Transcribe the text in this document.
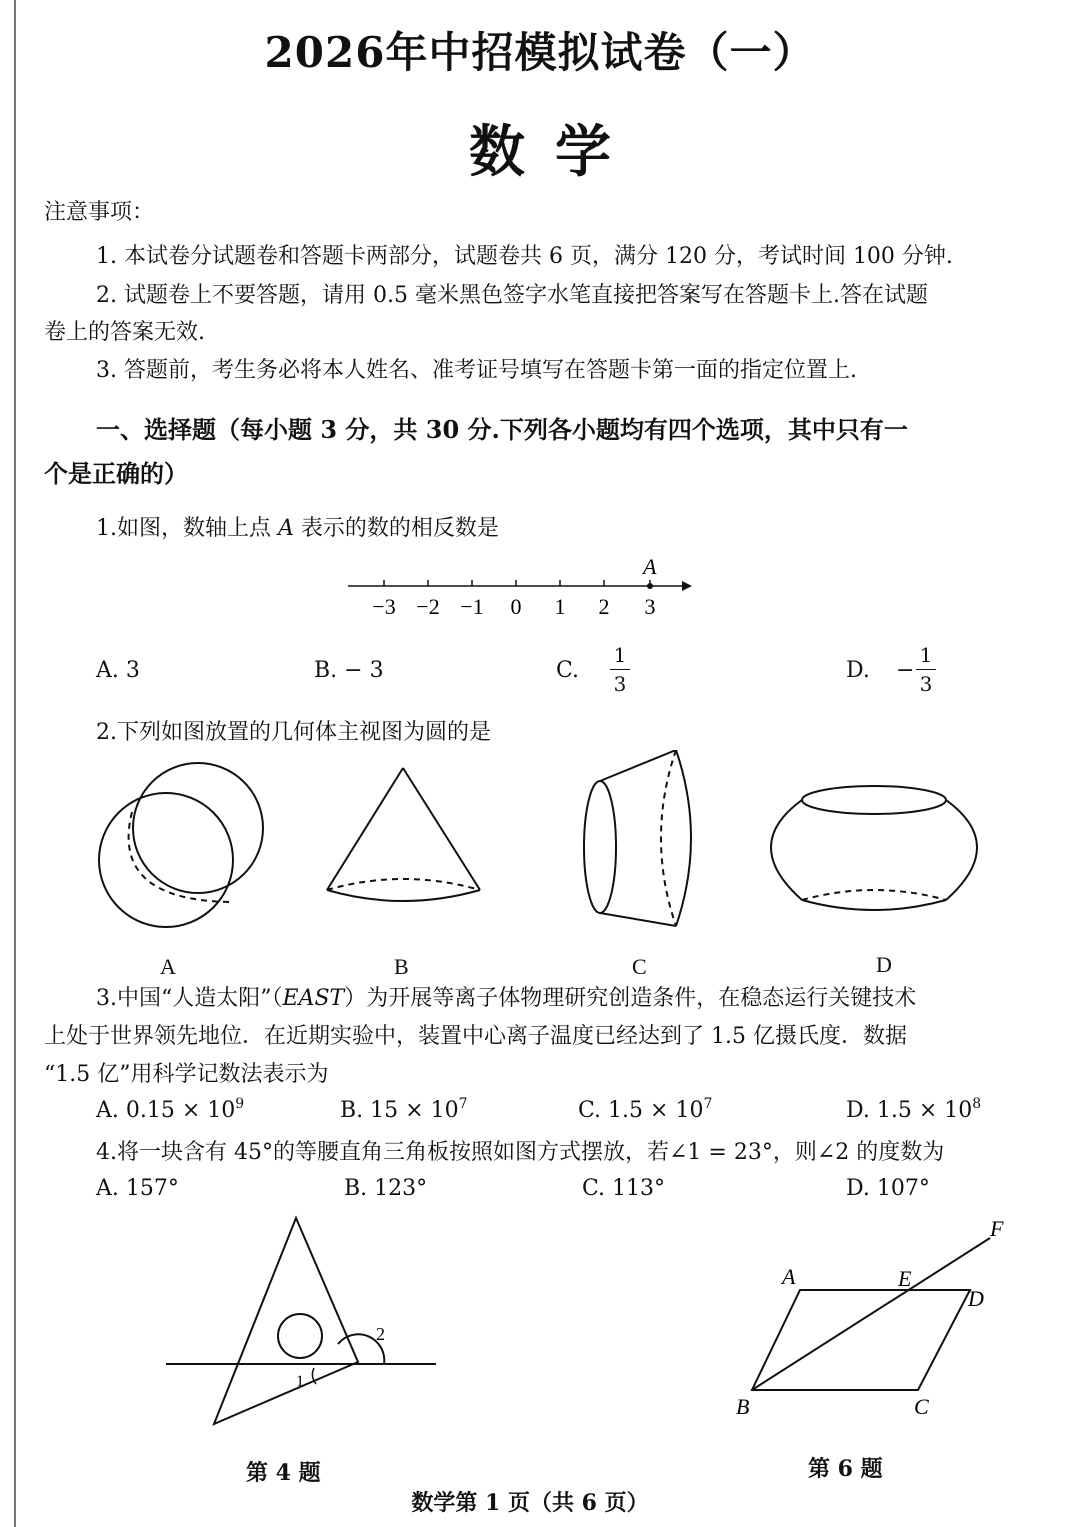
2026年中招模拟试卷（一）
数学
注意事项：
1. 本试卷分试题卷和答题卡两部分，试题卷共 6 页，满分 120 分，考试时间 100 分钟.
2. 试题卷上不要答题，请用 0.5 毫米黑色签字水笔直接把答案写在答题卡上.答在试题
卷上的答案无效.
3. 答题前，考生务必将本人姓名、准考证号填写在答题卡第一面的指定位置上.
一、选择题（每小题 3 分，共 30 分.下列各小题均有四个选项，其中只有一
个是正确的）
1.如图，数轴上点 A 表示的数的相反数是
A
−3 −2 −1 0 1 2 3
A. 3	B. − 3	C.
1
3
D. −
1
3
2.下列如图放置的几何体主视图为圆的是
A	B	C	D
3.中国“人造太阳”（EAST）为开展等离子体物理研究创造条件，在稳态运行关键技术
上处于世界领先地位．在近期实验中，装置中心离子温度已经达到了 1.5 亿摄氏度．数据
“1.5 亿”用科学记数法表示为
A. $0.15 \times 10^9$	B. $15 \times 10^7$	C. $1.5 \times 10^7$	D. $1.5 \times 10^8$
4.将一块含有 45°的等腰直角三角板按照如图方式摆放，若∠1 = 23°，则∠2 的度数为
A. 157°	B. 123°	C. 113°	D. 107°
2
1
A	E
F
D
B	C
第 4 题	第 6 题
数学第 1 页（共 6 页）
